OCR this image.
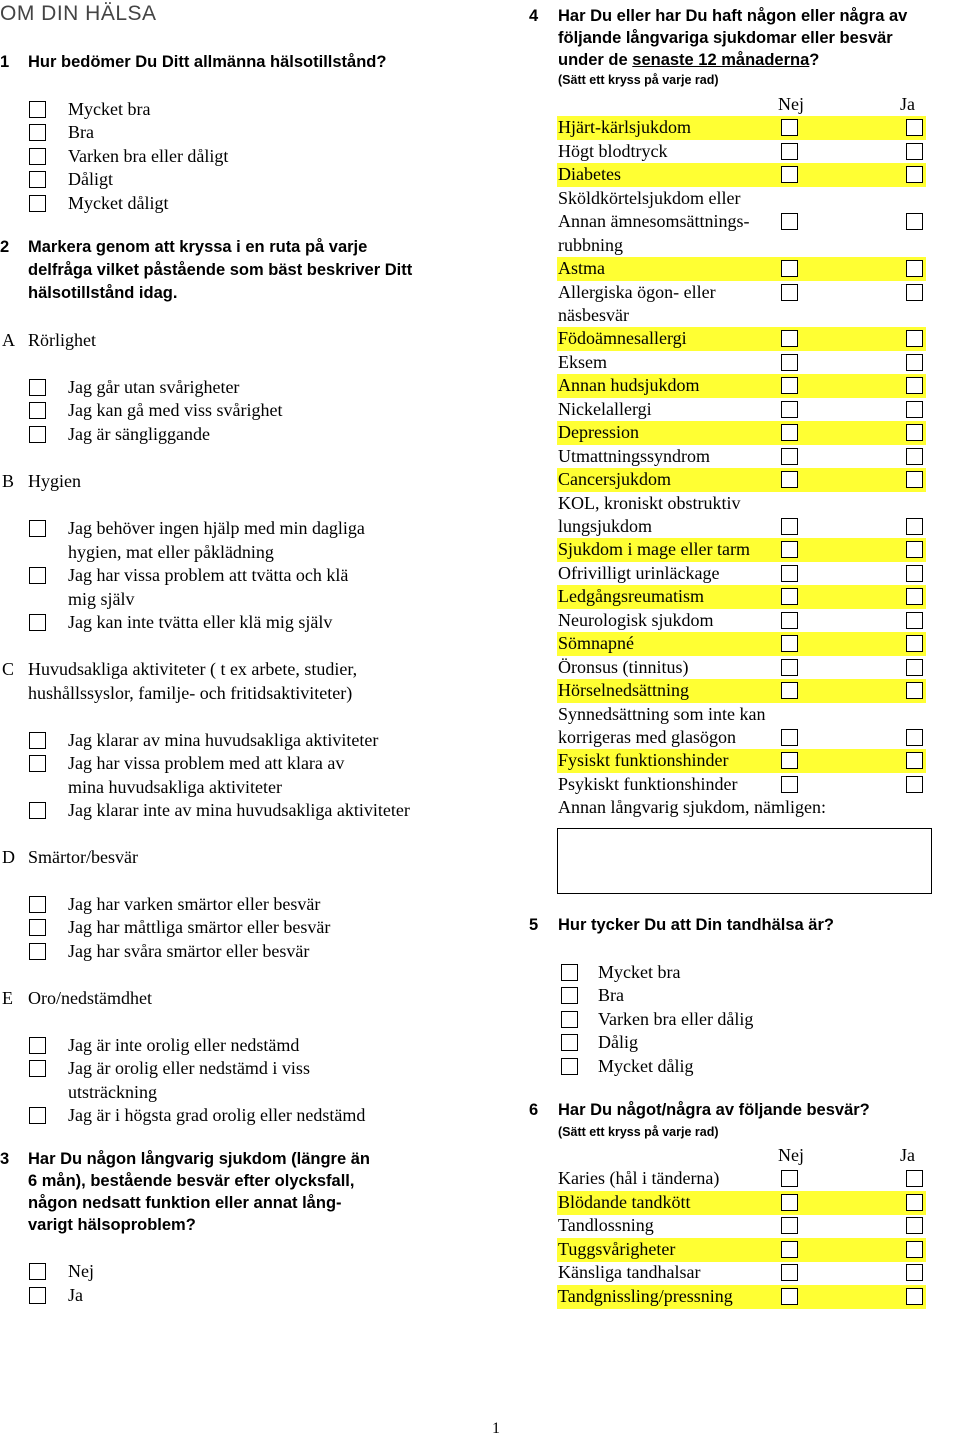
OM DIN HÄLSA
1 Hur bedömer Du Ditt allmänna hälsotillstånd?
Mycket bra
Bra
Varken bra eller dåligt
Dåligt
Mycket dåligt
2 Markera genom att kryssa i en ruta på varje
delfråga vilket påstående som bäst beskriver Ditt
hälsotillstånd idag.
A Rörlighet
Jag går utan svårigheter
Jag kan gå med viss svårighet
Jag är sängliggande
B Hygien
Jag behöver ingen hjälp med min dagliga
hygien, mat eller påklädning
Jag har vissa problem att tvätta och klä
mig själv
Jag kan inte tvätta eller klä mig själv
C Huvudsakliga aktiviteter ( t ex arbete, studier,
hushållssyslor, familje- och fritidsaktiviteter)
Jag klarar av mina huvudsakliga aktiviteter
Jag har vissa problem med att klara av
mina huvudsakliga aktiviteter
Jag klarar inte av mina huvudsakliga aktiviteter
D Smärtor/besvär
Jag har varken smärtor eller besvär
Jag har måttliga smärtor eller besvär
Jag har svåra smärtor eller besvär
E Oro/nedstämdhet
Jag är inte orolig eller nedstämd
Jag är orolig eller nedstämd i viss
utsträckning
Jag är i högsta grad orolig eller nedstämd
3 Har Du någon långvarig sjukdom (längre än
6 mån), bestående besvär efter olycksfall,
någon nedsatt funktion eller annat lång-
varigt hälsoproblem?
Nej
Ja
4 Har Du eller har Du haft någon eller några av
följande långvariga sjukdomar eller besvär
under de senaste 12 månaderna?
(Sätt ett kryss på varje rad)
Nej	Ja
Hjärt-kärlsjukdom
Högt blodtryck
Diabetes
Sköldkörtelsjukdom eller
Annan ämnesomsättnings-
rubbning
Astma
Allergiska ögon- eller
näsbesvär
Födoämnesallergi
Eksem
Annan hudsjukdom
Nickelallergi
Depression
Utmattningssyndrom
Cancersjukdom
KOL, kroniskt obstruktiv
lungsjukdom
Sjukdom i mage eller tarm
Ofrivilligt urinläckage
Ledgångsreumatism
Neurologisk sjukdom
Sömnapné
Öronsus (tinnitus)
Hörselnedsättning
Synnedsättning som inte kan
korrigeras med glasögon
Fysiskt funktionshinder
Psykiskt funktionshinder
Annan långvarig sjukdom, nämligen:
5 Hur tycker Du att Din tandhälsa är?
Mycket bra
Bra
Varken bra eller dålig
Dålig
Mycket dålig
6 Har Du något/några av följande besvär?
(Sätt ett kryss på varje rad)
Nej	Ja
Karies (hål i tänderna)
Blödande tandkött
Tandlossning
Tuggsvårigheter
Känsliga tandhalsar
Tandgnissling/pressning
1
